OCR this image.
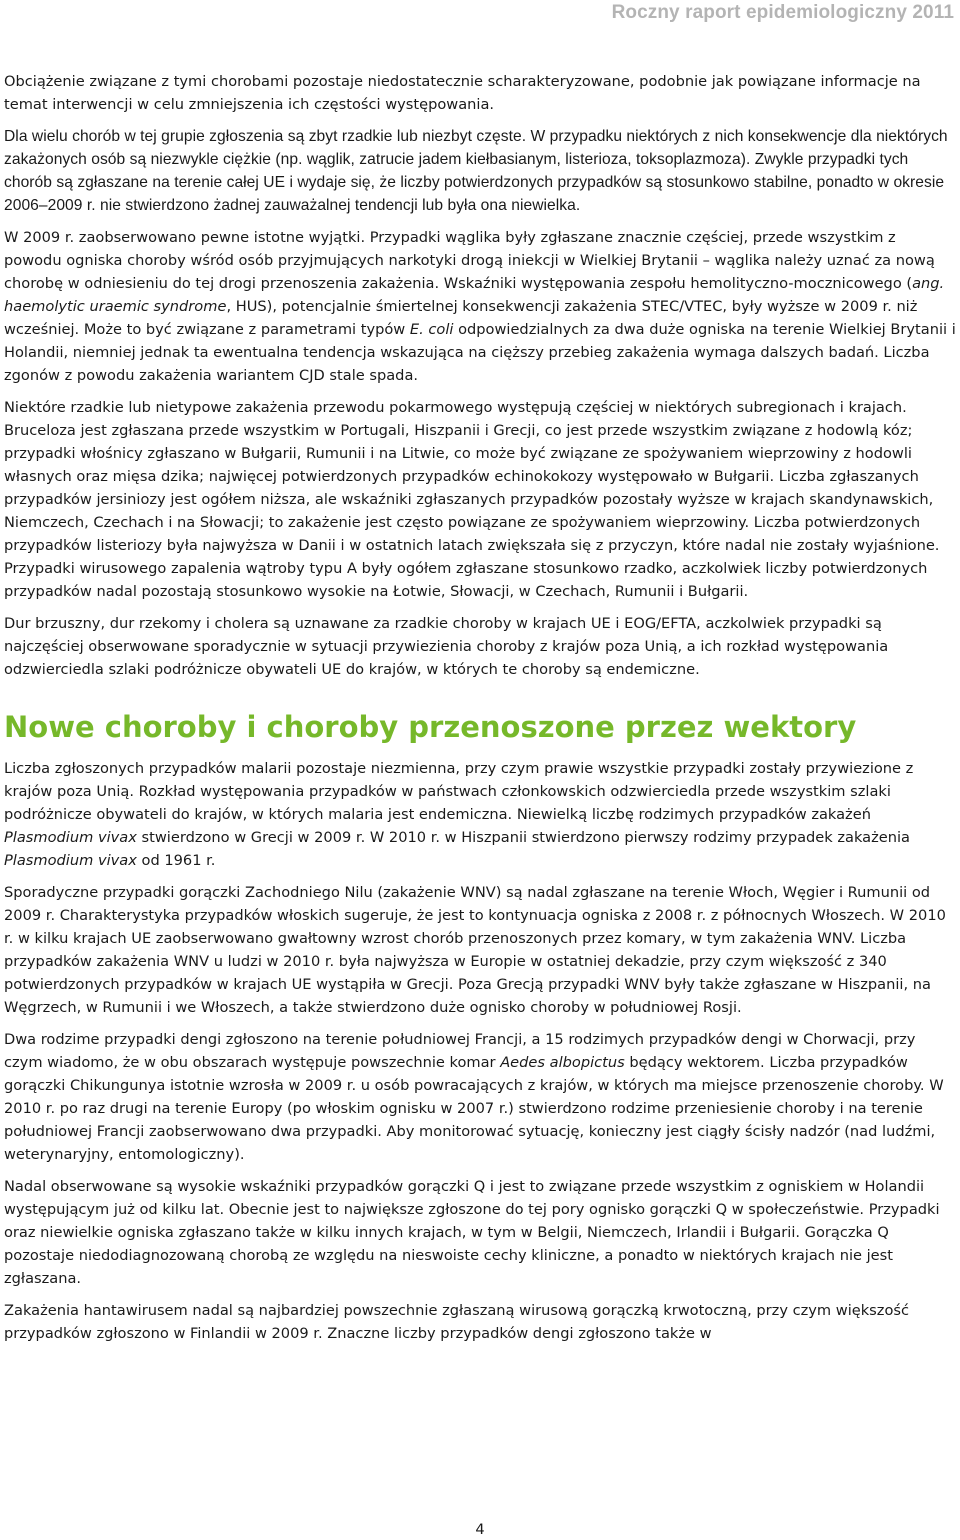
Roczny raport epidemiologiczny 2011

Obciążenie związane z tymi chorobami pozostaje niedostatecznie scharakteryzowane, podobnie jak powiązane informacje na temat interwencji w celu zmniejszenia ich częstości występowania.

Dla wielu chorób w tej grupie zgłoszenia są zbyt rzadkie lub niezbyt częste. W przypadku niektórych z nich konsekwencje dla niektórych zakażonych osób są niezwykle ciężkie (np. wąglik, zatrucie jadem kiełbasianym, listerioza, toksoplazmoza). Zwykle przypadki tych chorób są zgłaszane na terenie całej UE i wydaje się, że liczby potwierdzonych przypadków są stosunkowo stabilne, ponadto w okresie 2006–2009 r. nie stwierdzono żadnej zauważalnej tendencji lub była ona niewielka.

W 2009 r. zaobserwowano pewne istotne wyjątki. Przypadki wąglika były zgłaszane znacznie częściej, przede wszystkim z powodu ogniska choroby wśród osób przyjmujących narkotyki drogą iniekcji w Wielkiej Brytanii – wąglika należy uznać za nową chorobę w odniesieniu do tej drogi przenoszenia zakażenia. Wskaźniki występowania zespołu hemolityczno-mocznicowego (ang. haemolytic uraemic syndrome, HUS), potencjalnie śmiertelnej konsekwencji zakażenia STEC/VTEC, były wyższe w 2009 r. niż wcześniej. Może to być związane z parametrami typów E. coli odpowiedzialnych za dwa duże ogniska na terenie Wielkiej Brytanii i Holandii, niemniej jednak ta ewentualna tendencja wskazująca na cięższy przebieg zakażenia wymaga dalszych badań. Liczba zgonów z powodu zakażenia wariantem CJD stale spada.

Niektóre rzadkie lub nietypowe zakażenia przewodu pokarmowego występują częściej w niektórych subregionach i krajach. Bruceloza jest zgłaszana przede wszystkim w Portugali, Hiszpanii i Grecji, co jest przede wszystkim związane z hodowlą kóz; przypadki włośnicy zgłaszano w Bułgarii, Rumunii i na Litwie, co może być związane ze spożywaniem wieprzowiny z hodowli własnych oraz mięsa dzika; najwięcej potwierdzonych przypadków echinokokozy występowało w Bułgarii. Liczba zgłaszanych przypadków jersiniozy jest ogółem niższa, ale wskaźniki zgłaszanych przypadków pozostały wyższe w krajach skandynawskich, Niemczech, Czechach i na Słowacji; to zakażenie jest często powiązane ze spożywaniem wieprzowiny. Liczba potwierdzonych przypadków listeriozy była najwyższa w Danii i w ostatnich latach zwiększała się z przyczyn, które nadal nie zostały wyjaśnione. Przypadki wirusowego zapalenia wątroby typu A były ogółem zgłaszane stosunkowo rzadko, aczkolwiek liczby potwierdzonych przypadków nadal pozostają stosunkowo wysokie na Łotwie, Słowacji, w Czechach, Rumunii i Bułgarii.

Dur brzuszny, dur rzekomy i cholera są uznawane za rzadkie choroby w krajach UE i EOG/EFTA, aczkolwiek przypadki są najczęściej obserwowane sporadycznie w sytuacji przywiezienia choroby z krajów poza Unią, a ich rozkład występowania odzwierciedla szlaki podróżnicze obywateli UE do krajów, w których te choroby są endemiczne.

Nowe choroby i choroby przenoszone przez wektory

Liczba zgłoszonych przypadków malarii pozostaje niezmienna, przy czym prawie wszystkie przypadki zostały przywiezione z krajów poza Unią. Rozkład występowania przypadków w państwach członkowskich odzwierciedla przede wszystkim szlaki podróżnicze obywateli do krajów, w których malaria jest endemiczna. Niewielką liczbę rodzimych przypadków zakażeń Plasmodium vivax stwierdzono w Grecji w 2009 r. W 2010 r. w Hiszpanii stwierdzono pierwszy rodzimy przypadek zakażenia Plasmodium vivax od 1961 r.

Sporadyczne przypadki gorączki Zachodniego Nilu (zakażenie WNV) są nadal zgłaszane na terenie Włoch, Węgier i Rumunii od 2009 r. Charakterystyka przypadków włoskich sugeruje, że jest to kontynuacja ogniska z 2008 r. z północnych Włoszech. W 2010 r. w kilku krajach UE zaobserwowano gwałtowny wzrost chorób przenoszonych przez komary, w tym zakażenia WNV. Liczba przypadków zakażenia WNV u ludzi w 2010 r. była najwyższa w Europie w ostatniej dekadzie, przy czym większość z 340 potwierdzonych przypadków w krajach UE wystąpiła w Grecji. Poza Grecją przypadki WNV były także zgłaszane w Hiszpanii, na Węgrzech, w Rumunii i we Włoszech, a także stwierdzono duże ognisko choroby w południowej Rosji.

Dwa rodzime przypadki dengi zgłoszono na terenie południowej Francji, a 15 rodzimych przypadków dengi w Chorwacji, przy czym wiadomo, że w obu obszarach występuje powszechnie komar Aedes albopictus będący wektorem. Liczba przypadków gorączki Chikungunya istotnie wzrosła w 2009 r. u osób powracających z krajów, w których ma miejsce przenoszenie choroby. W 2010 r. po raz drugi na terenie Europy (po włoskim ognisku w 2007 r.) stwierdzono rodzime przeniesienie choroby i na terenie południowej Francji zaobserwowano dwa przypadki. Aby monitorować sytuację, konieczny jest ciągły ścisły nadzór (nad ludźmi, weterynaryjny, entomologiczny).

Nadal obserwowane są wysokie wskaźniki przypadków gorączki Q i jest to związane przede wszystkim z ogniskiem w Holandii występującym już od kilku lat. Obecnie jest to największe zgłoszone do tej pory ognisko gorączki Q w społeczeństwie. Przypadki oraz niewielkie ogniska zgłaszano także w kilku innych krajach, w tym w Belgii, Niemczech, Irlandii i Bułgarii. Gorączka Q pozostaje niedodiagnozowaną chorobą ze względu na nieswoiste cechy kliniczne, a ponadto w niektórych krajach nie jest zgłaszana.

Zakażenia hantawirusem nadal są najbardziej powszechnie zgłaszaną wirusową gorączką krwotoczną, przy czym większość przypadków zgłoszono w Finlandii w 2009 r. Znaczne liczby przypadków dengi zgłoszono także w

4
